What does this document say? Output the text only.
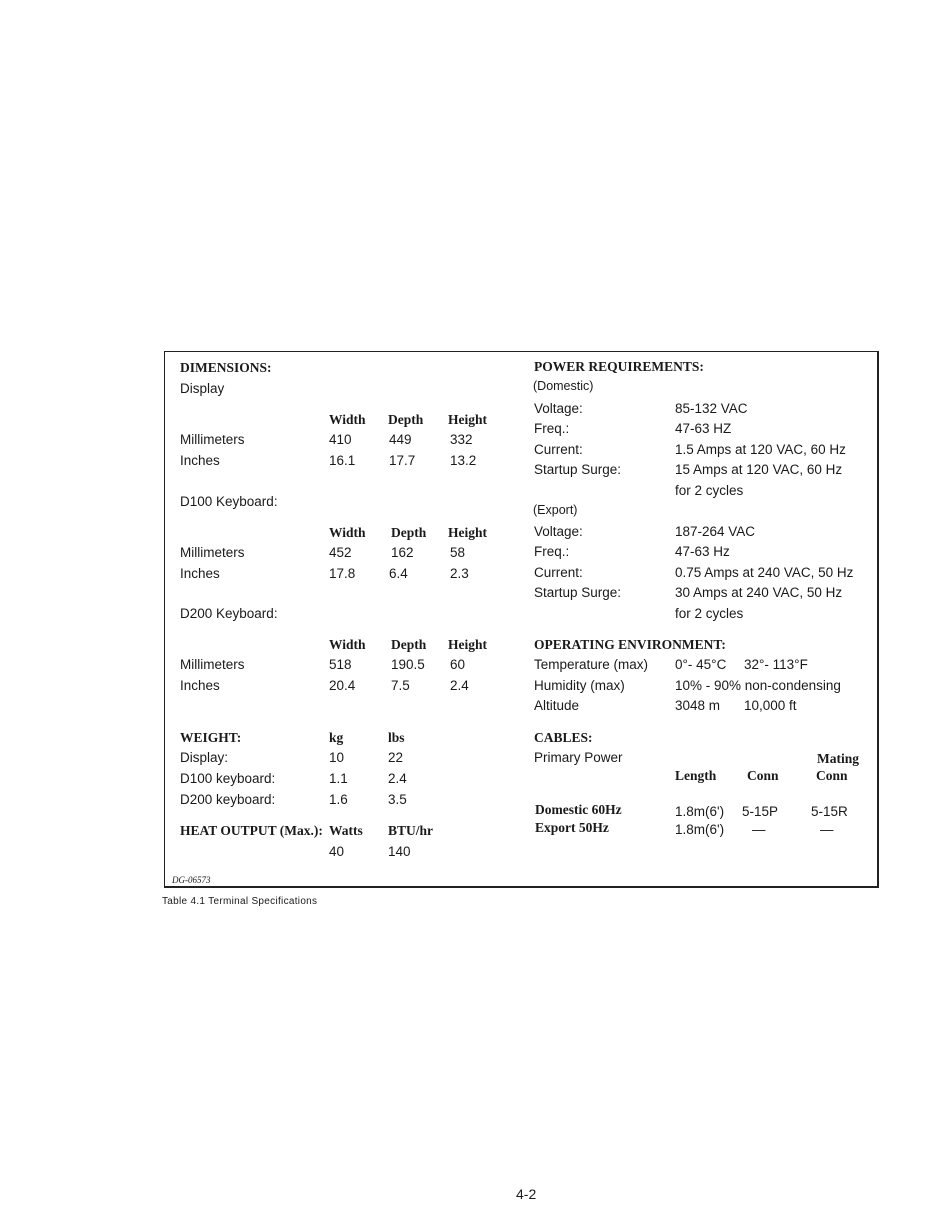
DIMENSIONS:
Display
Width Depth Height
Millimeters	410	449	332
Inches	16.1 17.7	13.2
D100 Keyboard:
Width Depth Height
Millimeters	452	162	58
Inches	17.8 6.4	2.3
D200 Keyboard:
Width Depth Height
Millimeters	518	190.5 60
Inches	20.4	7.5	2.4
WEIGHT:	kg	lbs
Display:	10	22
D100 keyboard:	1.1	2.4
D200 keyboard:	1.6	3.5
HEAT OUTPUT (Max.): Watts BTU/hr
40	140
DG-06573
POWER REQUIREMENTS:
(Domestic)
Voltage:	85-132 VAC
Freq.:	47-63 HZ
Current:	1.5 Amps at 120 VAC, 60 Hz
Startup Surge:	15 Amps at 120 VAC, 60 Hz
for 2 cycles
(Export)
Voltage:	187-264 VAC
Freq.:	47-63 Hz
Current:	0.75 Amps at 240 VAC, 50 Hz
Startup Surge:	30 Amps at 240 VAC, 50 Hz
for 2 cycles
OPERATING ENVIRONMENT:
Temperature (max) 0°- 45°C 32°- 113°F
Humidity (max)	10% - 90% non-condensing
Altitude	3048 m 10,000 ft
CABLES:
Primary Power	Mating
Length Conn	Conn
Domestic 60Hz	1.8m(6') 5-15P 5-15R
Export 50Hz	1.8m(6') —	—
Table 4.1 Terminal Specifications
4-2
